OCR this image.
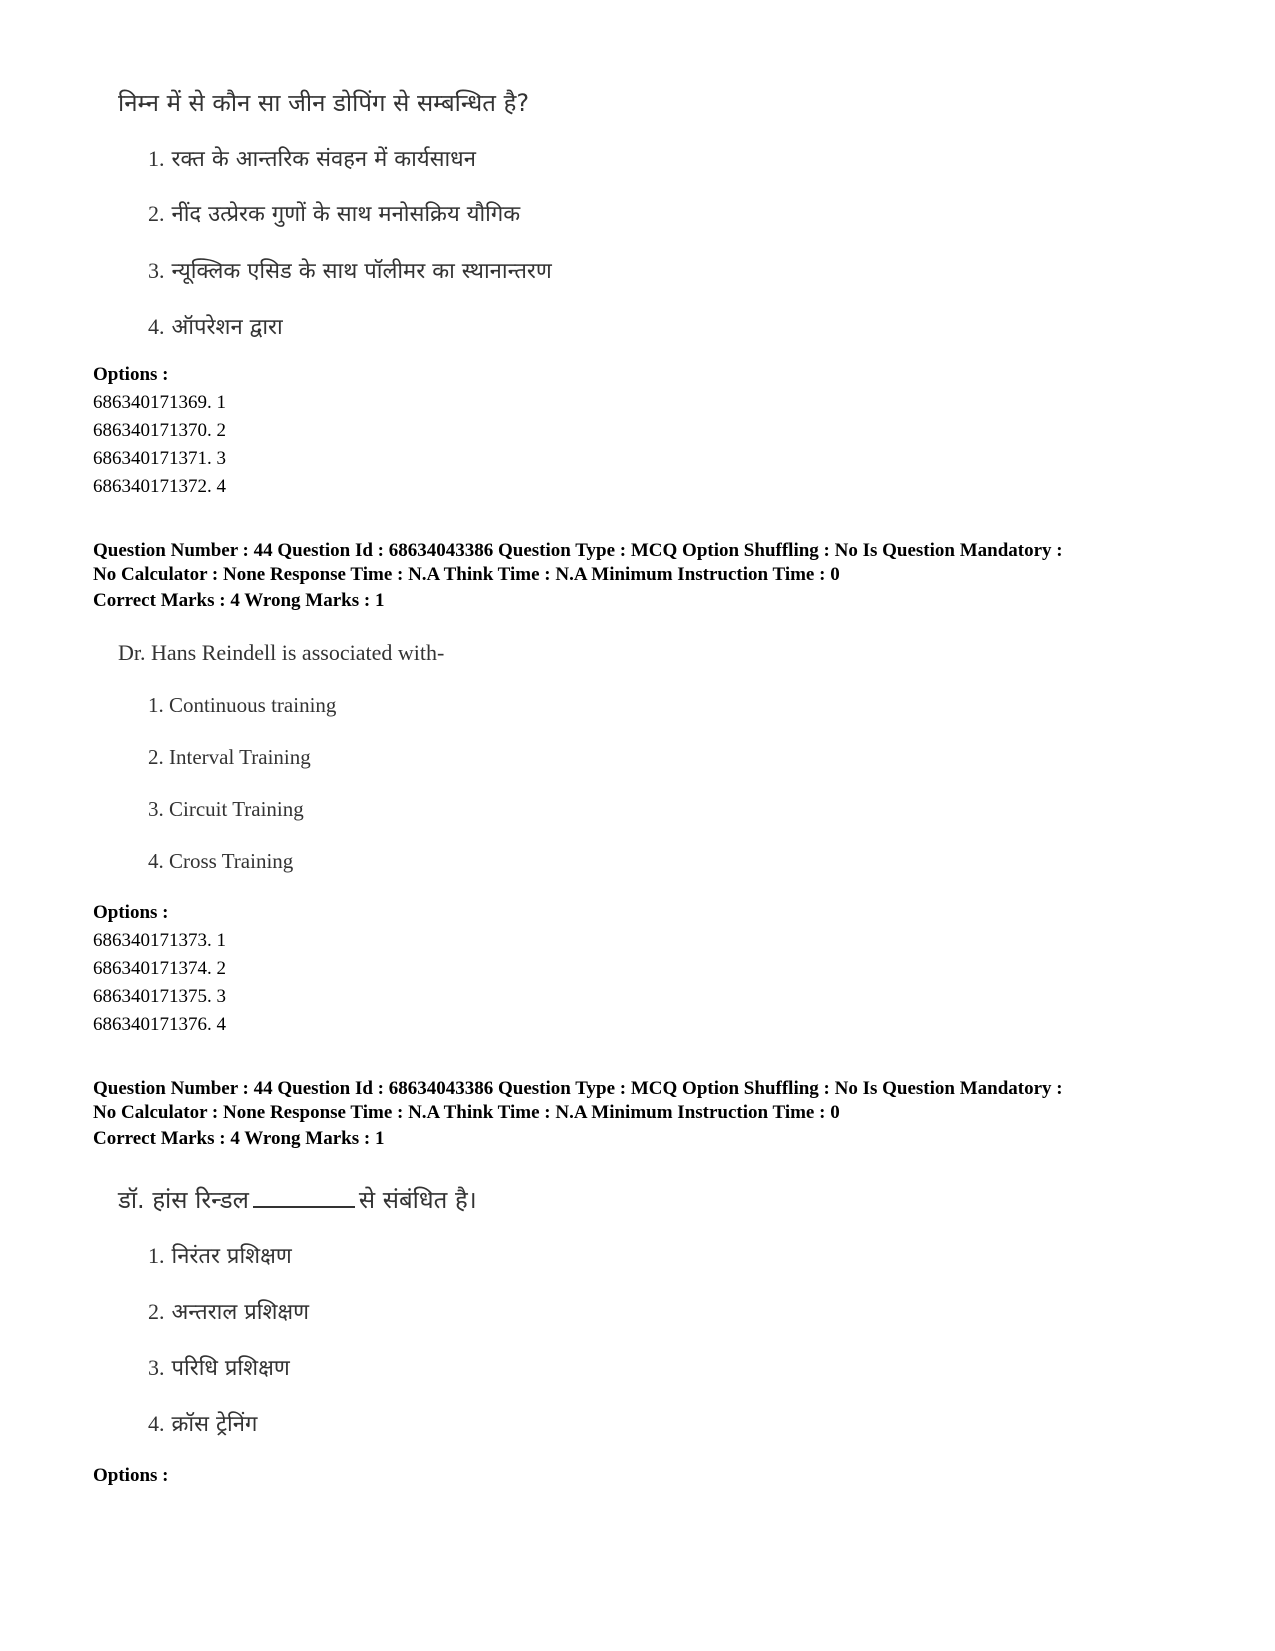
निम्न में से कौन सा जीन डोपिंग से सम्बन्धित है?
1. रक्त के आन्तरिक संवहन में कार्यसाधन
2. नींद उत्प्रेरक गुणों के साथ मनोसक्रिय यौगिक
3. न्यूक्लिक एसिड के साथ पॉलीमर का स्थानान्तरण
4. ऑपरेशन द्वारा
Options :
686340171369. 1
686340171370. 2
686340171371. 3
686340171372. 4
Question Number : 44 Question Id : 68634043386 Question Type : MCQ Option Shuffling : No Is Question Mandatory :
No Calculator : None Response Time : N.A Think Time : N.A Minimum Instruction Time : 0
Correct Marks : 4 Wrong Marks : 1
Dr. Hans Reindell is associated with-
1. Continuous training
2. Interval Training
3. Circuit Training
4. Cross Training
Options :
686340171373. 1
686340171374. 2
686340171375. 3
686340171376. 4
Question Number : 44 Question Id : 68634043386 Question Type : MCQ Option Shuffling : No Is Question Mandatory :
No Calculator : None Response Time : N.A Think Time : N.A Minimum Instruction Time : 0
Correct Marks : 4 Wrong Marks : 1
डॉ. हांस रिन्डल	से संबंधित है।
1. निरंतर प्रशिक्षण
2. अन्तराल प्रशिक्षण
3. परिधि प्रशिक्षण
4. क्रॉस ट्रेनिंग
Options :
